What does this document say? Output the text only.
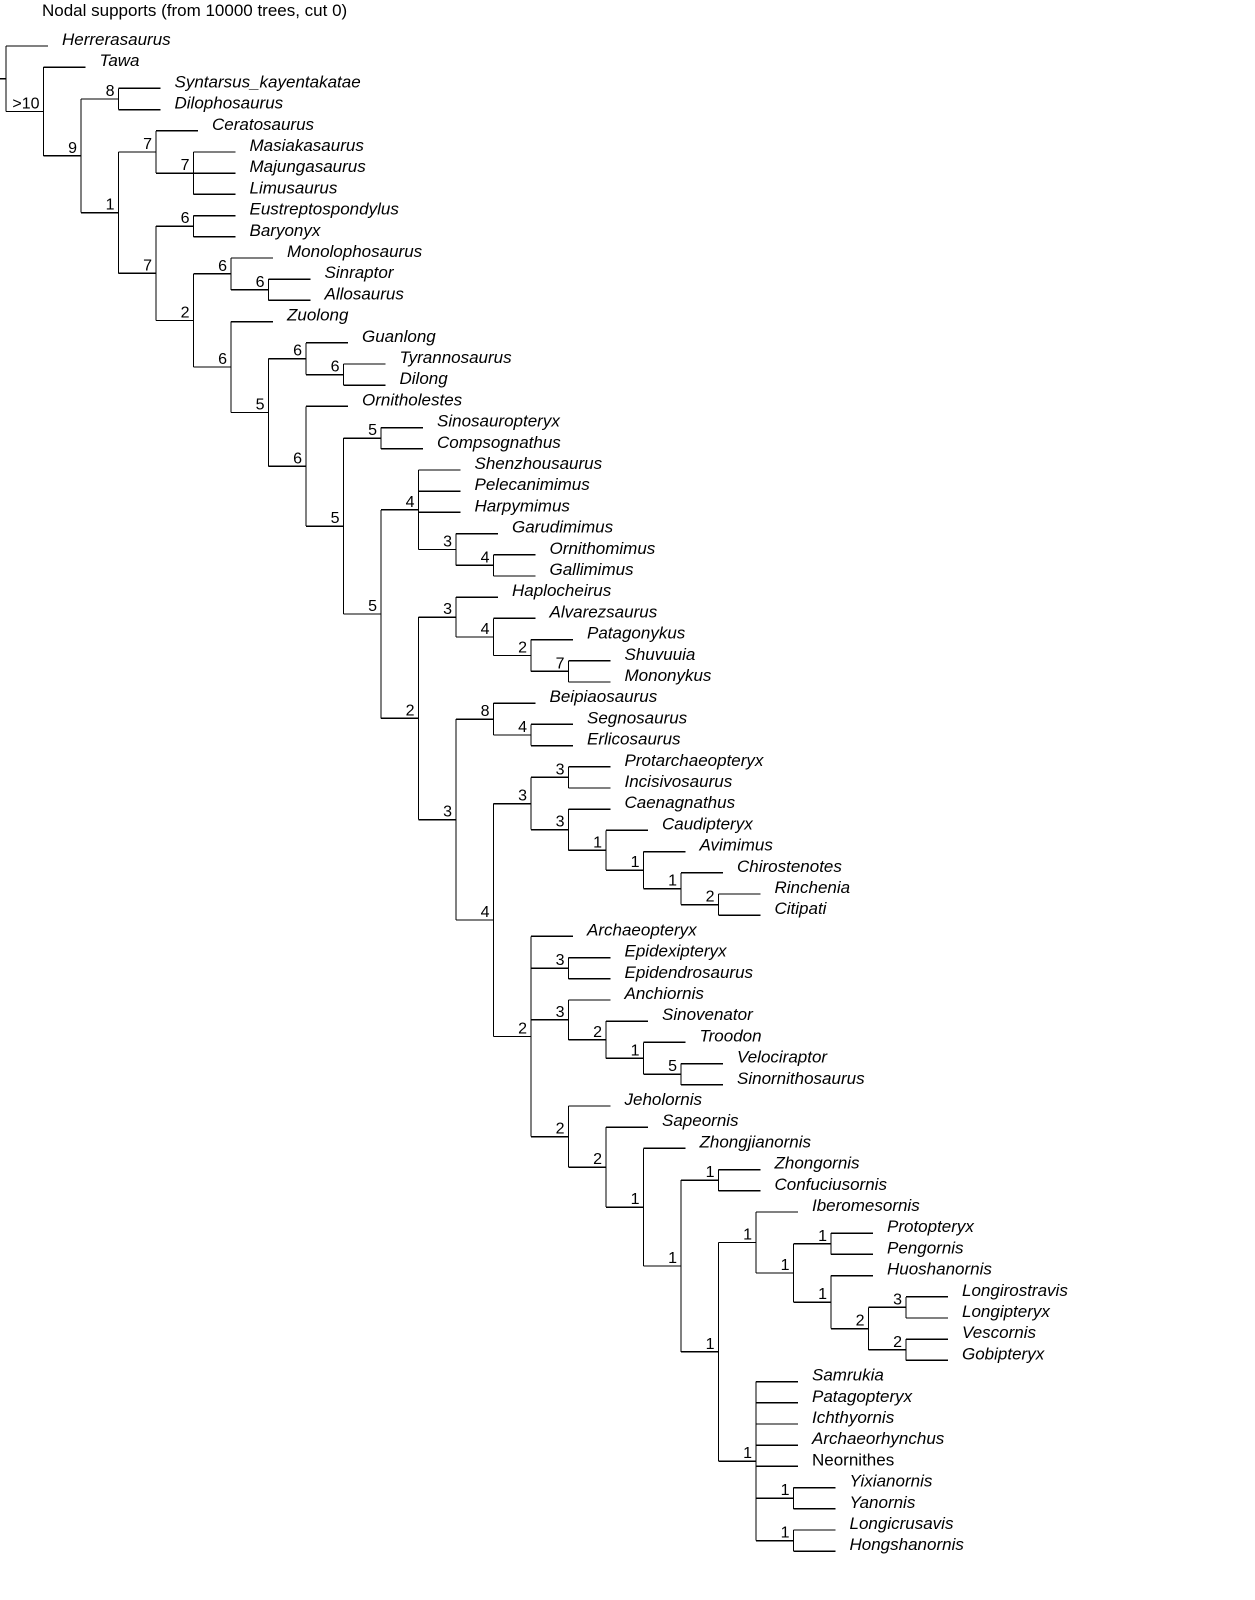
Nodal supports (from 10000 trees, cut 0)
Syntarsus_kayentakatae
Dilophosaurus
Masiakasaurus
Majungasaurus
Limusaurus
Ceratosaurus
7
Eustreptospondylus
Baryonyx
Sinraptor
Allosaurus
Monolophosaurus
6
Tyrannosaurus
Dilong
Guanlong
6
Sinosauropteryx
Compsognathus
Ornithomimus
Gallimimus
Garudimimus
4
Shenzhousaurus
Pelecanimimus
Harpymimus
3
Shuvuuia
Mononykus
Patagonykus
7
Alvarezsaurus
2
Haplocheirus
4
Segnosaurus
Erlicosaurus
Beipiaosaurus
4
Protarchaeopteryx
Incisivosaurus
Rinchenia
Citipati
Chirostenotes
2
Avimimus
1
Caudipteryx
1
Caenagnathus
1
3
3
Epidexipteryx
Epidendrosaurus
Velociraptor
Sinornithosaurus
Troodon
5
Sinovenator
1
Anchiornis
2
Zhongornis
Confuciusornis
Protopteryx
Pengornis
Longirostravis
Longipteryx
Vescornis
Gobipteryx
3
2
Huoshanornis
2
1
1
Iberomesornis
1
Yixianornis
Yanornis
Longicrusavis
Hongshanornis
Samrukia
Patagopteryx
Ichthyornis
Archaeorhynchus
Neornithes
1
1
1
1
1
1
Zhongjianornis
1
Sapeornis
1
Jeholornis
2
Archaeopteryx
3
3
2
3
2
8
4
3
3
4
2
5
5
Ornitholestes
5
6
6
Zuolong
5
6
6
6
2
7
7
8
1
Tawa
9
Herrerasaurus
>10
